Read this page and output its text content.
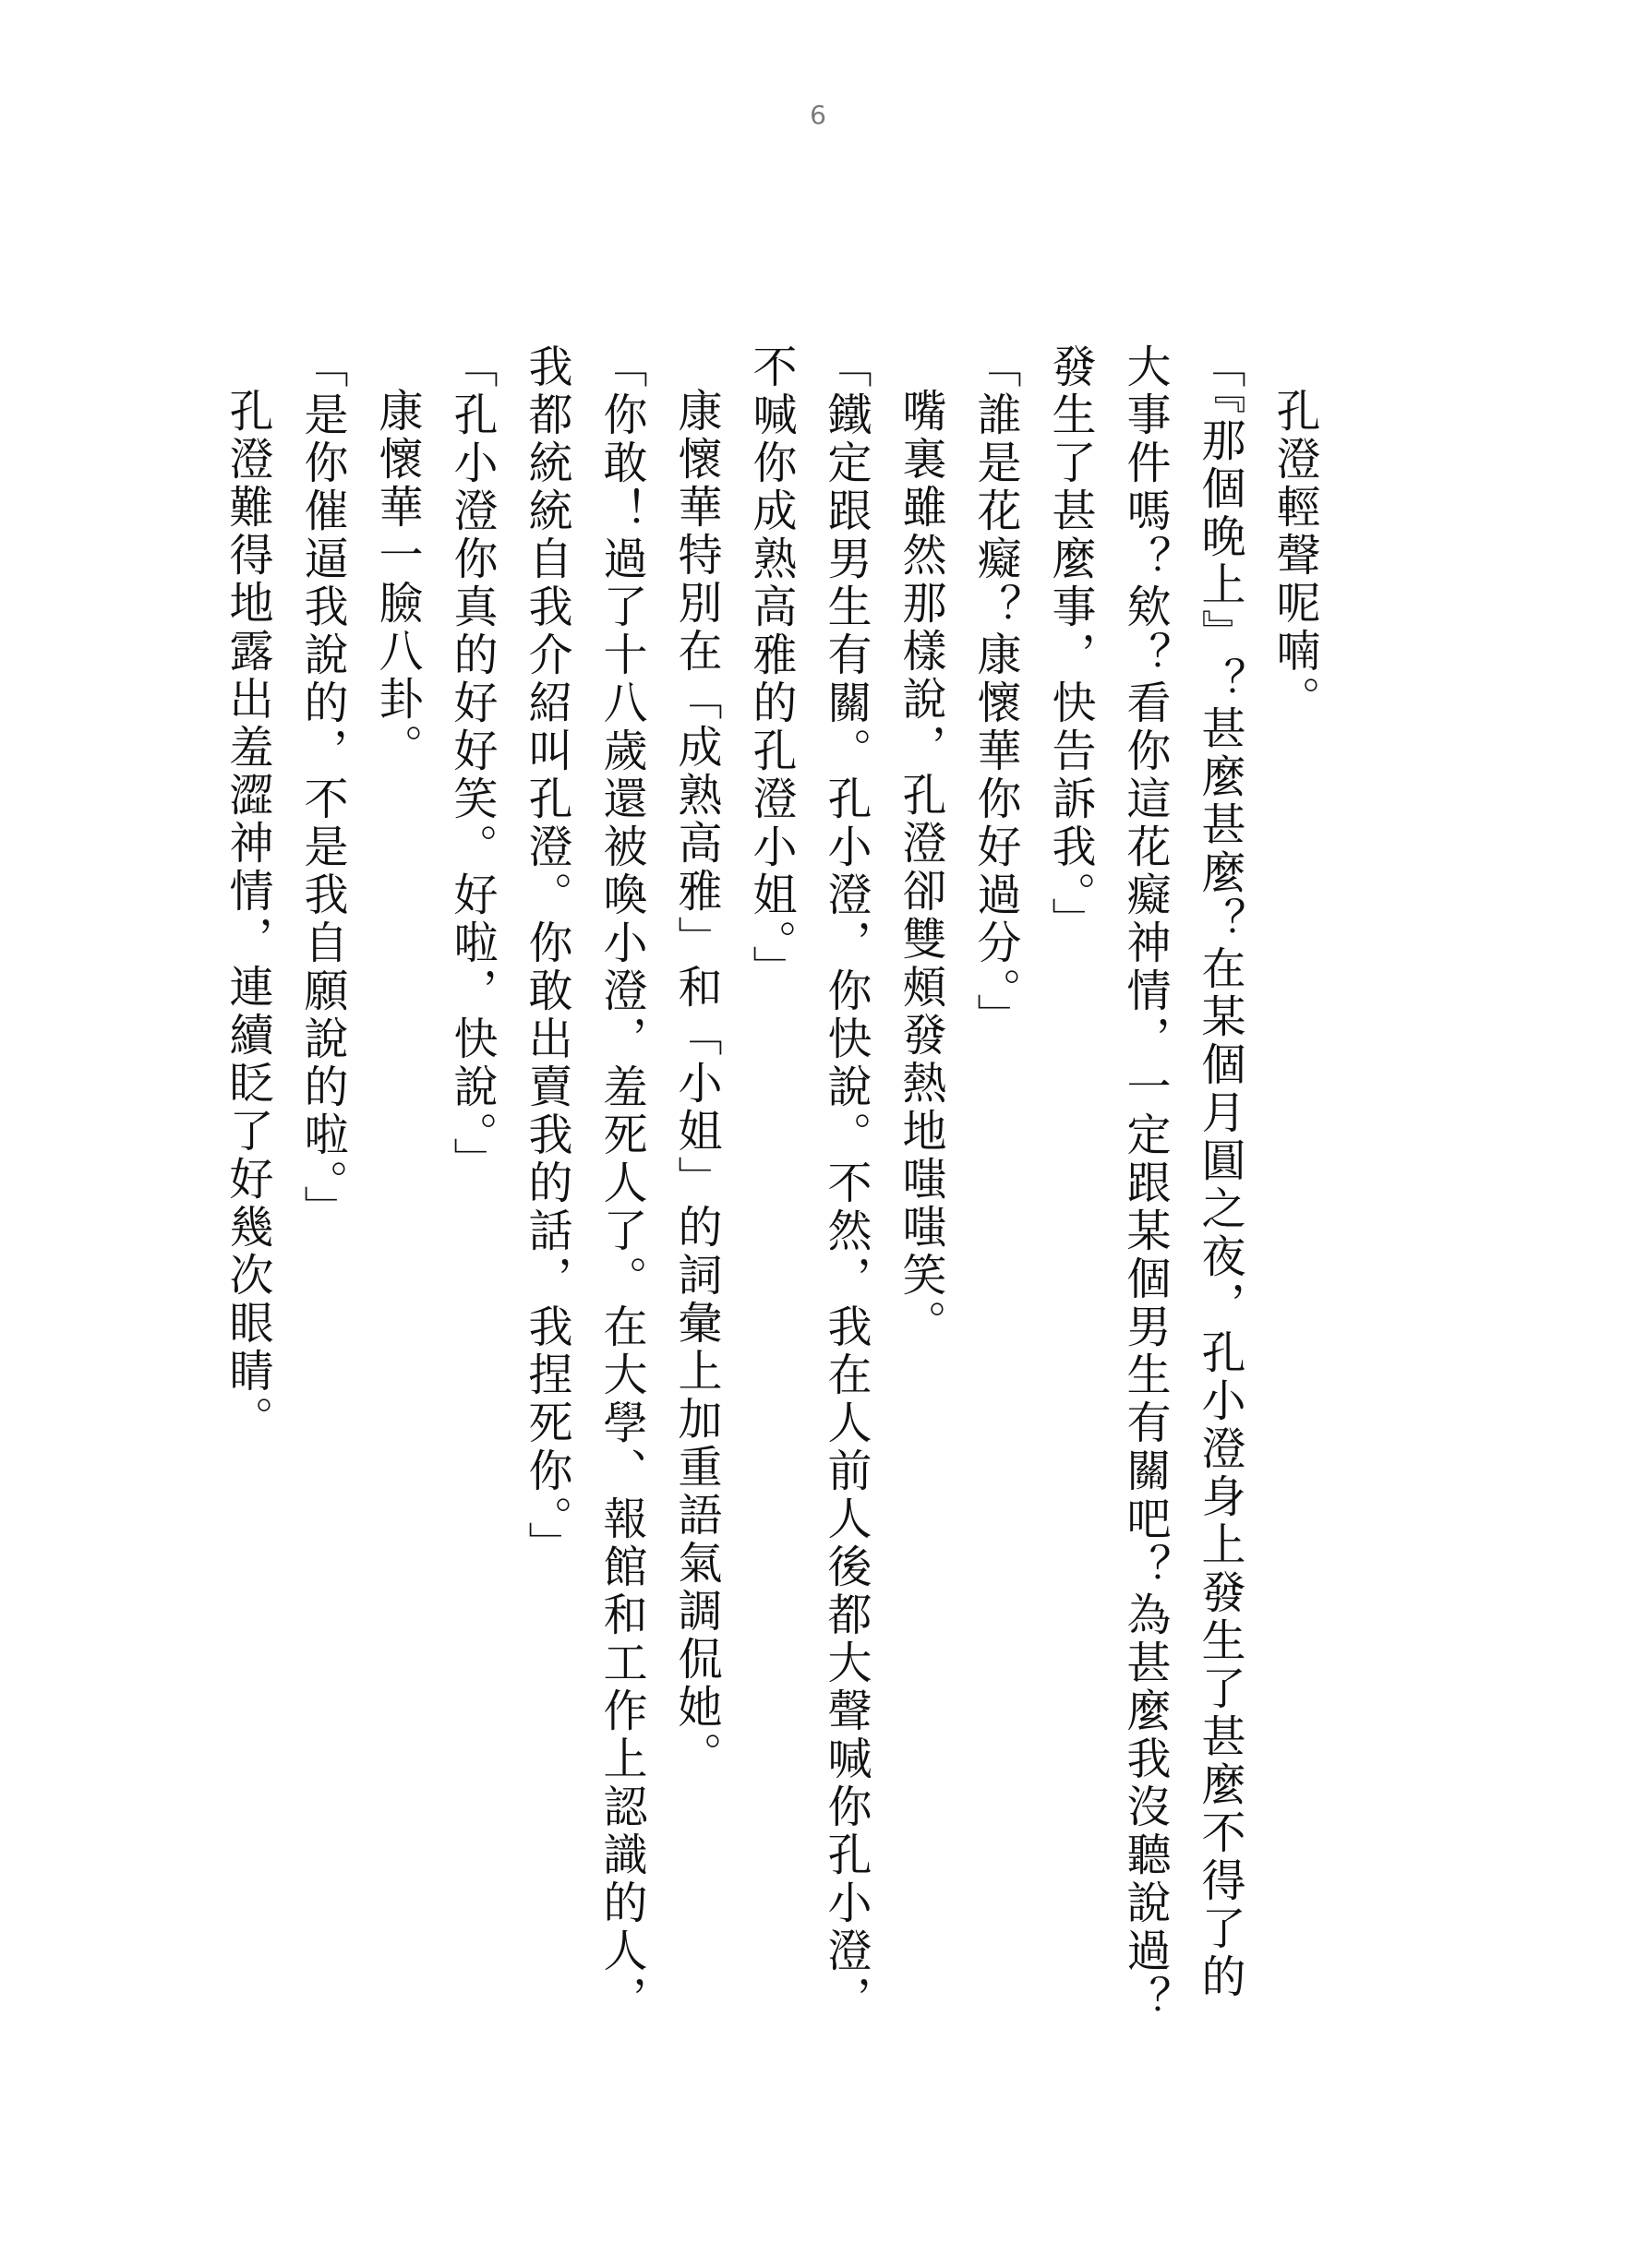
6

孔澄輕聲呢喃。

「『那個晚上』？甚麼甚麼？在某個月圓之夜，孔小澄身上發生了甚麼不得了的大事件嗎？欸？看你這花癡神情，一定跟某個男生有關吧？為甚麼我沒聽說過？發生了甚麼事，快告訴我。」

「誰是花癡？康懷華你好過分。」

嘴裏雖然那樣說，孔澄卻雙頰發熱地嗤嗤笑。

「鐵定跟男生有關。孔小澄，你快說。不然，我在人前人後都大聲喊你孔小澄，不喊你成熟高雅的孔澄小姐。」

康懷華特別在「成熟高雅」和「小姐」的詞彙上加重語氣調侃她。

「你敢！過了十八歲還被喚小澄，羞死人了。在大學、報館和工作上認識的人，我都統統自我介紹叫孔澄。你敢出賣我的話，我捏死你。」

「孔小澄你真的好好笑。好啦，快說。」

康懷華一臉八卦。

「是你催逼我說的，不是我自願說的啦。」

孔澄難得地露出羞澀神情，連續眨了好幾次眼睛。
